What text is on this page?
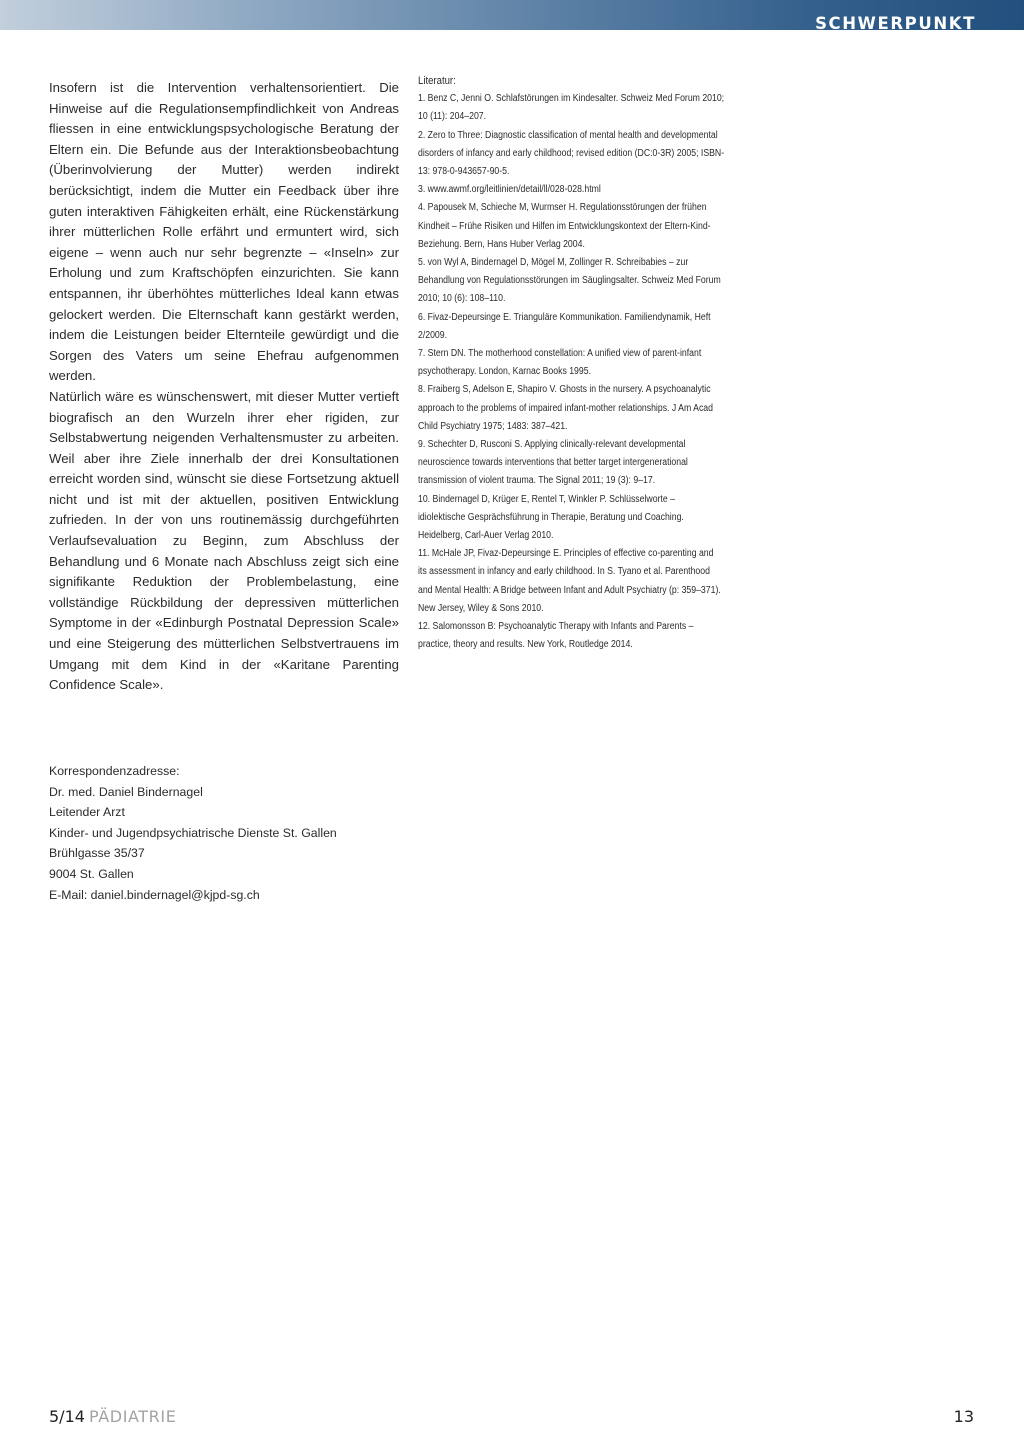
SCHWERPUNKT

Insofern ist die Intervention verhaltensorientiert. Die Hinweise auf die Regulationsempfindlichkeit von Andreas fliessen in eine entwicklungspsychologische Beratung der Eltern ein. Die Befunde aus der Interaktionsbeobachtung (Überinvolvierung der Mutter) werden indirekt berücksichtigt, indem die Mutter ein Feedback über ihre guten interaktiven Fähigkeiten erhält, eine Rückenstärkung ihrer mütterlichen Rolle erfährt und ermuntert wird, sich eigene – wenn auch nur sehr begrenzte – «Inseln» zur Erholung und zum Kraftschöpfen einzurichten. Sie kann entspannen, ihr überhöhtes mütterliches Ideal kann etwas gelockert werden. Die Elternschaft kann gestärkt werden, indem die Leistungen beider Elternteile gewürdigt und die Sorgen des Vaters um seine Ehefrau aufgenommen werden.

Natürlich wäre es wünschenswert, mit dieser Mutter vertieft biografisch an den Wurzeln ihrer eher rigiden, zur Selbstabwertung neigenden Verhaltensmuster zu arbeiten. Weil aber ihre Ziele innerhalb der drei Konsultationen erreicht worden sind, wünscht sie diese Fortsetzung aktuell nicht und ist mit der aktuellen, positiven Entwicklung zufrieden. In der von uns routinemässig durchgeführten Verlaufsevaluation zu Beginn, zum Abschluss der Behandlung und 6 Monate nach Abschluss zeigt sich eine signifikante Reduktion der Problembelastung, eine vollständige Rückbildung der depressiven mütterlichen Symptome in der «Edinburgh Postnatal Depression Scale» und eine Steigerung des mütterlichen Selbstvertrauens im Umgang mit dem Kind in der «Karitane Parenting Confidence Scale».

Korrespondenzadresse:
Dr. med. Daniel Bindernagel
Leitender Arzt
Kinder- und Jugendpsychiatrische Dienste St. Gallen
Brühlgasse 35/37
9004 St. Gallen
E-Mail: daniel.bindernagel@kjpd-sg.ch
Literatur:

1. Benz C, Jenni O. Schlafstörungen im Kindesalter. Schweiz Med Forum 2010; 10 (11): 204–207.

2. Zero to Three: Diagnostic classification of mental health and developmental disorders of infancy and early childhood; revised edition (DC:0-3R) 2005; ISBN-13: 978-0-943657-90-5.

3. www.awmf.org/leitlinien/detail/ll/028-028.html

4. Papousek M, Schieche M, Wurmser H. Regulationsstörungen der frühen Kindheit – Frühe Risiken und Hilfen im Entwicklungskontext der Eltern-Kind-Beziehung. Bern, Hans Huber Verlag 2004.

5. von Wyl A, Bindernagel D, Mögel M, Zollinger R. Schreibabies – zur Behandlung von Regulationsstörungen im Säuglingsalter. Schweiz Med Forum 2010; 10 (6): 108–110.

6. Fivaz-Depeursinge E. Trianguläre Kommunikation. Familiendynamik, Heft 2/2009.

7. Stern DN. The motherhood constellation: A unified view of parent-infant psychotherapy. London, Karnac Books 1995.

8. Fraiberg S, Adelson E, Shapiro V. Ghosts in the nursery. A psychoanalytic approach to the problems of impaired infant-mother relationships. J Am Acad Child Psychiatry 1975; 1483: 387–421.

9. Schechter D, Rusconi S. Applying clinically-relevant developmental neuroscience towards interventions that better target intergenerational transmission of violent trauma. The Signal 2011; 19 (3): 9–17.

10. Bindernagel D, Krüger E, Rentel T, Winkler P. Schlüsselworte – idiolektische Gesprächsführung in Therapie, Beratung und Coaching. Heidelberg, Carl-Auer Verlag 2010.

11. McHale JP, Fivaz-Depeursinge E. Principles of effective co-parenting and its assessment in infancy and early childhood. In S. Tyano et al. Parenthood and Mental Health: A Bridge between Infant and Adult Psychiatry (p: 359–371). New Jersey, Wiley & Sons 2010.

12. Salomonsson B: Psychoanalytic Therapy with Infants and Parents – practice, theory and results. New York, Routledge 2014.

5/14 PÄDIATRIE	13
